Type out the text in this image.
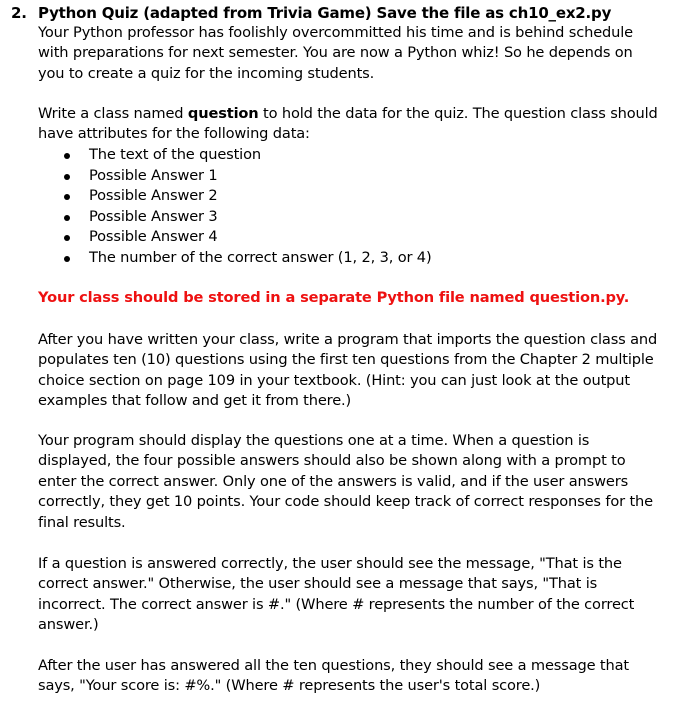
2. Python Quiz (adapted from Trivia Game) Save the file as ch10_ex2.py

Your Python professor has foolishly overcommitted his time and is behind schedule with preparations for next semester. You are now a Python whiz! So he depends on you to create a quiz for the incoming students.

Write a class named question to hold the data for the quiz. The question class should have attributes for the following data:

The text of the question
Possible Answer 1
Possible Answer 2
Possible Answer 3
Possible Answer 4
The number of the correct answer (1, 2, 3, or 4)

Your class should be stored in a separate Python file named question.py.

After you have written your class, write a program that imports the question class and populates ten (10) questions using the first ten questions from the Chapter 2 multiple choice section on page 109 in your textbook. (Hint: you can just look at the output examples that follow and get it from there.)

Your program should display the questions one at a time. When a question is displayed, the four possible answers should also be shown along with a prompt to enter the correct answer. Only one of the answers is valid, and if the user answers correctly, they get 10 points. Your code should keep track of correct responses for the final results.

If a question is answered correctly, the user should see the message, "That is the correct answer." Otherwise, the user should see a message that says, "That is incorrect. The correct answer is #." (Where # represents the number of the correct answer.)

After the user has answered all the ten questions, they should see a message that says, "Your score is: #%." (Where # represents the user's total score.)
